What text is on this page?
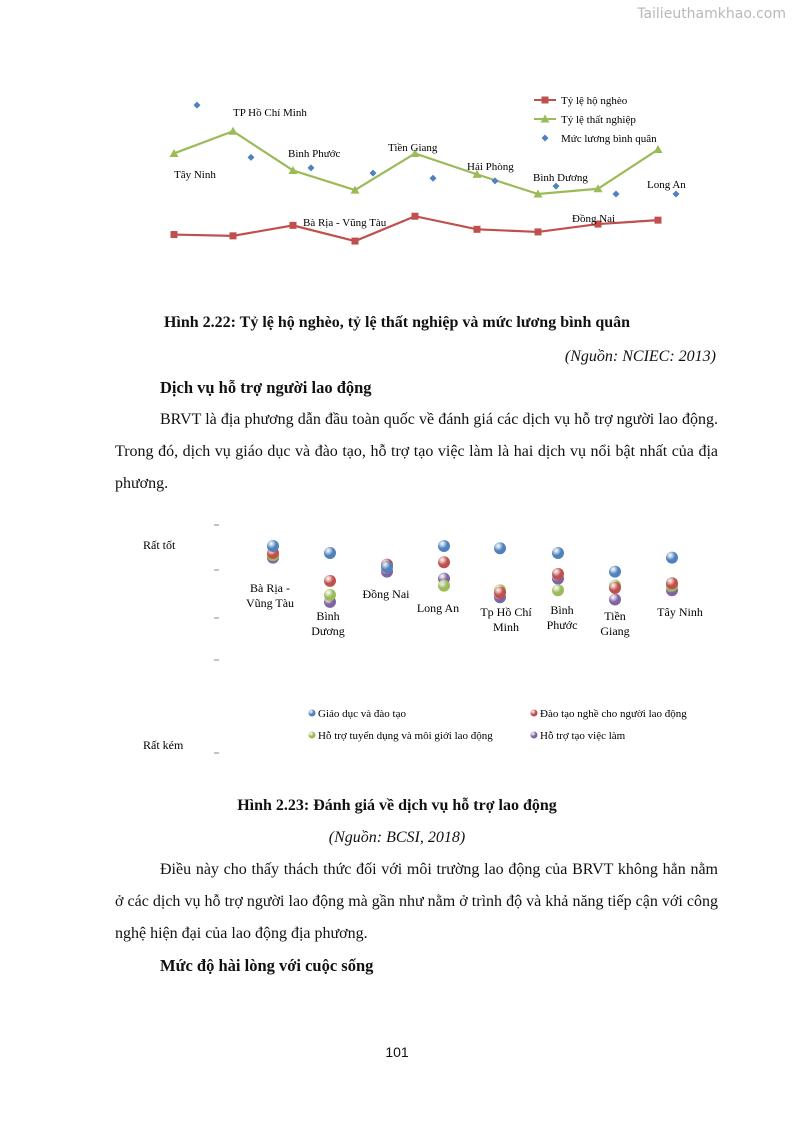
Tailieuthamkhao.com
Tây Ninh
TP Hồ Chí Minh
Bình Phước
Bà Rịa - Vũng Tàu
Tiền Giang
Hải Phòng
Bình Dương
Đồng Nai
Long An
Tỷ lệ hộ nghèo
Tỷ lệ thất nghiệp
Mức lương bình quân
Hình 2.22: Tỷ lệ hộ nghèo, tỷ lệ thất nghiệp và mức lương bình quân
(Nguồn: NCIEC: 2013)
Dịch vụ hỗ trợ người lao động
BRVT là địa phương dẫn đầu toàn quốc về đánh giá các dịch vụ hỗ trợ người lao động. Trong đó, dịch vụ giáo dục và đào tạo, hỗ trợ tạo việc làm là hai dịch vụ nổi bật nhất của địa phương.
Rất tốt
Rất kém
Bà Rịa -Vũng Tàu
Bình Dương
Đồng Nai
Long An Tp Hồ Chí Minh
Bình Phước
Tiền Giang
Tây Ninh
Giáo dục và đào tạo	Đào tạo nghề cho người lao động
Hỗ trợ tuyển dụng và môi giới lao động	Hỗ trợ tạo việc làm
Hình 2.23: Đánh giá về dịch vụ hỗ trợ lao động
(Nguồn: BCSI, 2018)
Điều này cho thấy thách thức đối với môi trường lao động của BRVT không hẳn nằm ở các dịch vụ hỗ trợ người lao động mà gần như nằm ở trình độ và khả năng tiếp cận với công nghệ hiện đại của lao động địa phương.
Mức độ hài lòng với cuộc sống
101
